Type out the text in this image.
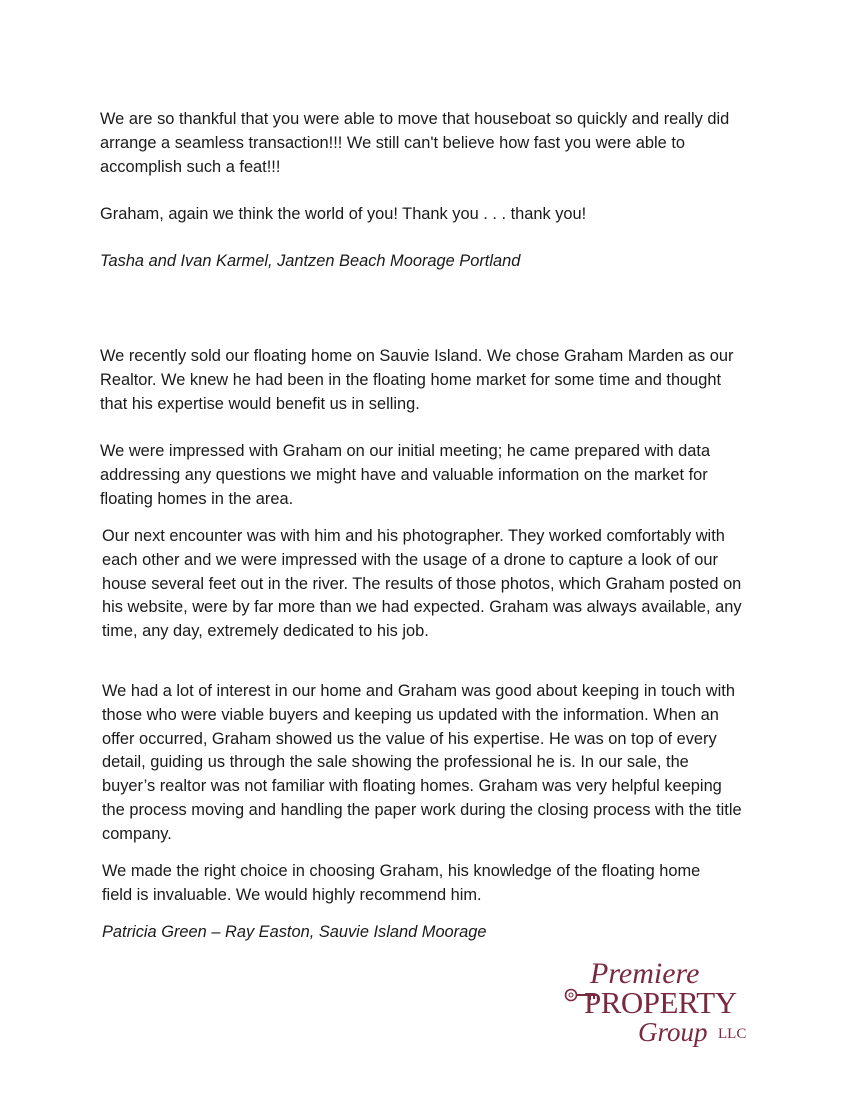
We are so thankful that you were able to move that houseboat so quickly and really did arrange a seamless transaction!!! We still can't believe how fast you were able to accomplish such a feat!!!

Graham, again we think the world of you! Thank you . . . thank you!

Tasha and Ivan Karmel, Jantzen Beach Moorage Portland

We recently sold our floating home on Sauvie Island. We chose Graham Marden as our Realtor. We knew he had been in the floating home market for some time and thought that his expertise would benefit us in selling.

We were impressed with Graham on our initial meeting; he came prepared with data addressing any questions we might have and valuable information on the market for floating homes in the area.

Our next encounter was with him and his photographer. They worked comfortably with each other and we were impressed with the usage of a drone to capture a look of our house several feet out in the river. The results of those photos, which Graham posted on his website, were by far more than we had expected. Graham was always available, any time, any day, extremely dedicated to his job.

We had a lot of interest in our home and Graham was good about keeping in touch with those who were viable buyers and keeping us updated with the information. When an offer occurred, Graham showed us the value of his expertise. He was on top of every detail, guiding us through the sale showing the professional he is. In our sale, the buyer’s realtor was not familiar with floating homes. Graham was very helpful keeping the process moving and handling the paper work during the closing process with the title company.

We made the right choice in choosing Graham, his knowledge of the floating home field is invaluable. We would highly recommend him.

Patricia Green – Ray Easton, Sauvie Island Moorage

Premiere
PROPERTY
Group LLC
